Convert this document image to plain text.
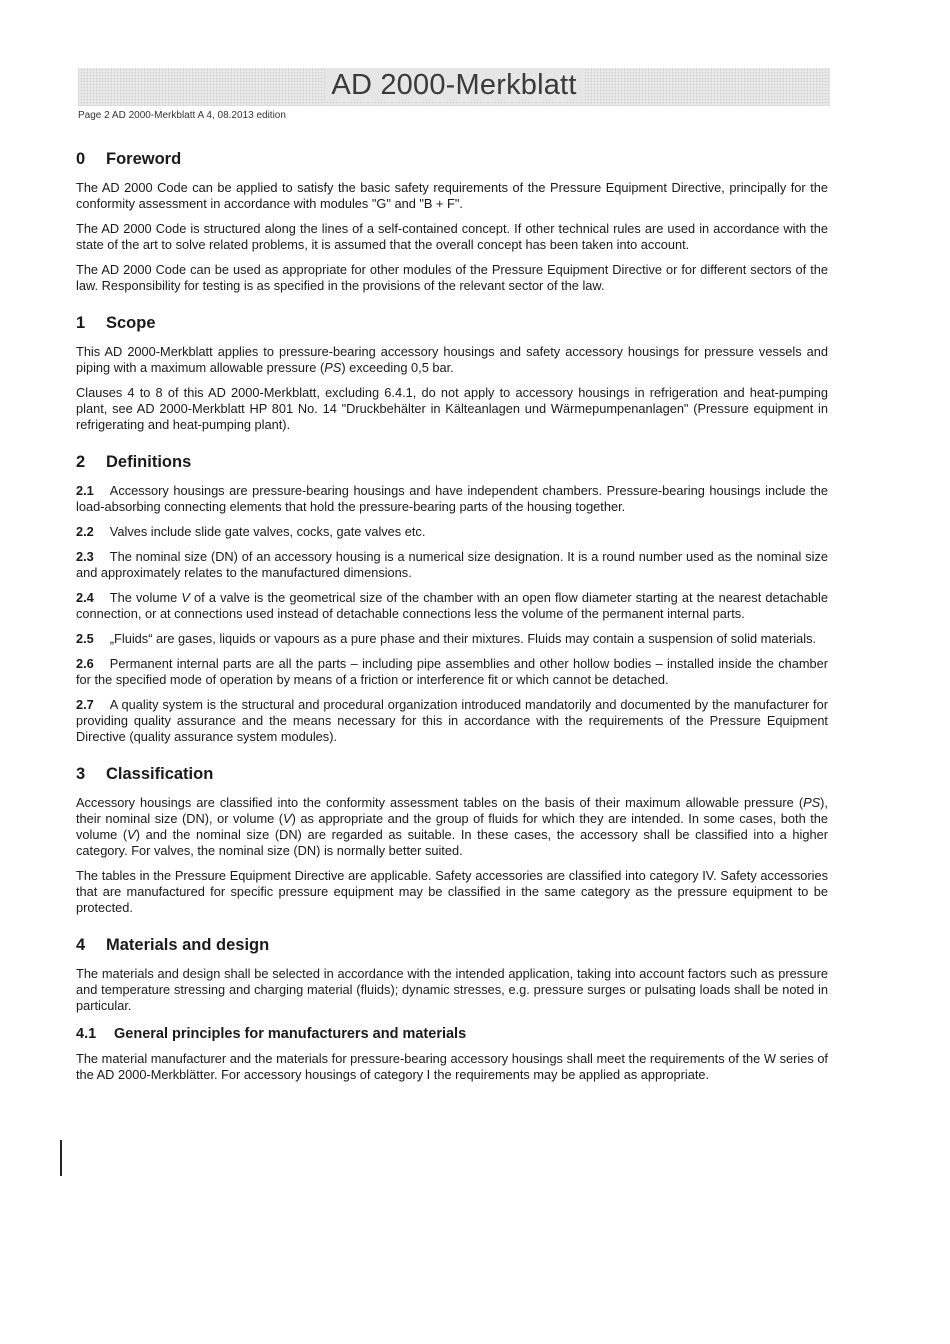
AD 2000-Merkblatt
Page 2 AD 2000-Merkblatt A 4, 08.2013 edition
0	Foreword

The AD 2000 Code can be applied to satisfy the basic safety requirements of the Pressure Equipment Directive, principally for the conformity assessment in accordance with modules "G" and "B + F".

The AD 2000 Code is structured along the lines of a self-contained concept. If other technical rules are used in accordance with the state of the art to solve related problems, it is assumed that the overall concept has been taken into account.

The AD 2000 Code can be used as appropriate for other modules of the Pressure Equipment Directive or for different sectors of the law. Responsibility for testing is as specified in the provisions of the relevant sector of the law.

1	Scope

This AD 2000-Merkblatt applies to pressure-bearing accessory housings and safety accessory housings for pressure vessels and piping with a maximum allowable pressure (PS) exceeding 0,5 bar.

Clauses 4 to 8 of this AD 2000-Merkblatt, excluding 6.4.1, do not apply to accessory housings in refrigeration and heat-pumping plant, see AD 2000-Merkblatt HP 801 No. 14 "Druckbehälter in Kälteanlagen und Wärmepumpenanlagen" (Pressure equipment in refrigerating and heat-pumping plant).

2	Definitions

2.1 Accessory housings are pressure-bearing housings and have independent chambers. Pressure-bearing housings include the load-absorbing connecting elements that hold the pressure-bearing parts of the housing together.

2.2 Valves include slide gate valves, cocks, gate valves etc.

2.3 The nominal size (DN) of an accessory housing is a numerical size designation. It is a round number used as the nominal size and approximately relates to the manufactured dimensions.

2.4 The volume V of a valve is the geometrical size of the chamber with an open flow diameter starting at the nearest detachable connection, or at connections used instead of detachable connections less the volume of the permanent internal parts.

2.5 „Fluids“ are gases, liquids or vapours as a pure phase and their mixtures. Fluids may contain a suspension of solid materials.

2.6 Permanent internal parts are all the parts – including pipe assemblies and other hollow bodies – installed inside the chamber for the specified mode of operation by means of a friction or interference fit or which cannot be detached.

2.7 A quality system is the structural and procedural organization introduced mandatorily and documented by the manufacturer for providing quality assurance and the means necessary for this in accordance with the requirements of the Pressure Equipment Directive (quality assurance system modules).

3	Classification

Accessory housings are classified into the conformity assessment tables on the basis of their maximum allowable pressure (PS), their nominal size (DN), or volume (V) as appropriate and the group of fluids for which they are intended. In some cases, both the volume (V) and the nominal size (DN) are regarded as suitable. In these cases, the accessory shall be classified into a higher category. For valves, the nominal size (DN) is normally better suited.

The tables in the Pressure Equipment Directive are applicable. Safety accessories are classified into category IV. Safety accessories that are manufactured for specific pressure equipment may be classified in the same category as the pressure equipment to be protected.

4	Materials and design

The materials and design shall be selected in accordance with the intended application, taking into account factors such as pressure and temperature stressing and charging material (fluids); dynamic stresses, e.g. pressure surges or pulsating loads shall be noted in particular.

4.1	General principles for manufacturers and materials

The material manufacturer and the materials for pressure-bearing accessory housings shall meet the requirements of the W series of the AD 2000-Merkblätter. For accessory housings of category I the requirements may be applied as appropriate.
